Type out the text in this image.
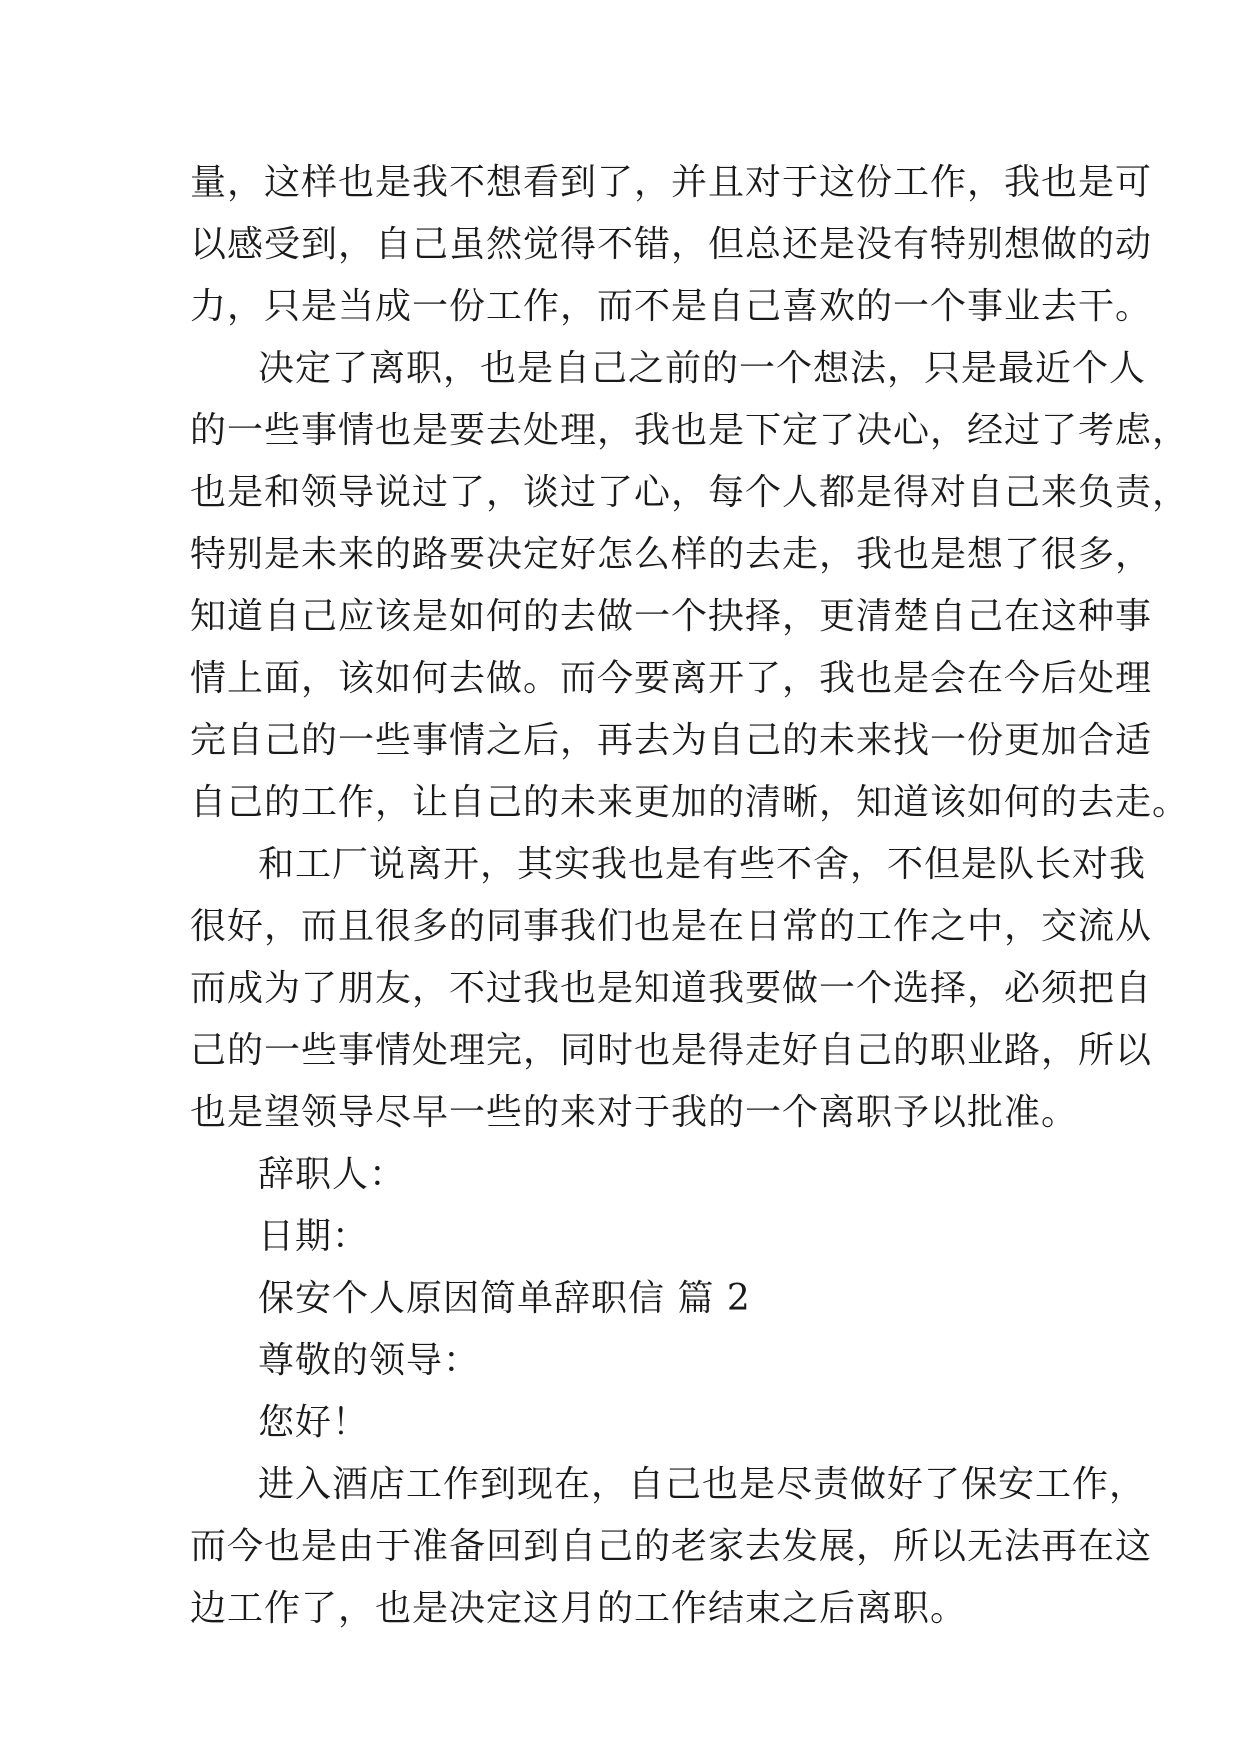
量，这样也是我不想看到了，并且对于这份工作，我也是可
以感受到，自己虽然觉得不错，但总还是没有特别想做的动
力，只是当成一份工作，而不是自己喜欢的一个事业去干。
决定了离职，也是自己之前的一个想法，只是最近个人
的一些事情也是要去处理，我也是下定了决心，经过了考虑，
也是和领导说过了，谈过了心，每个人都是得对自己来负责，
特别是未来的路要决定好怎么样的去走，我也是想了很多，
知道自己应该是如何的去做一个抉择，更清楚自己在这种事
情上面，该如何去做。而今要离开了，我也是会在今后处理
完自己的一些事情之后，再去为自己的未来找一份更加合适
自己的工作，让自己的未来更加的清晰，知道该如何的去走。
和工厂说离开，其实我也是有些不舍，不但是队长对我
很好，而且很多的同事我们也是在日常的工作之中，交流从
而成为了朋友，不过我也是知道我要做一个选择，必须把自
己的一些事情处理完，同时也是得走好自己的职业路，所以
也是望领导尽早一些的来对于我的一个离职予以批准。
辞职人：
日期：
保安个人原因简单辞职信 篇 2
尊敬的领导：
您好！
进入酒店工作到现在，自己也是尽责做好了保安工作，
而今也是由于准备回到自己的老家去发展，所以无法再在这
边工作了，也是决定这月的工作结束之后离职。
